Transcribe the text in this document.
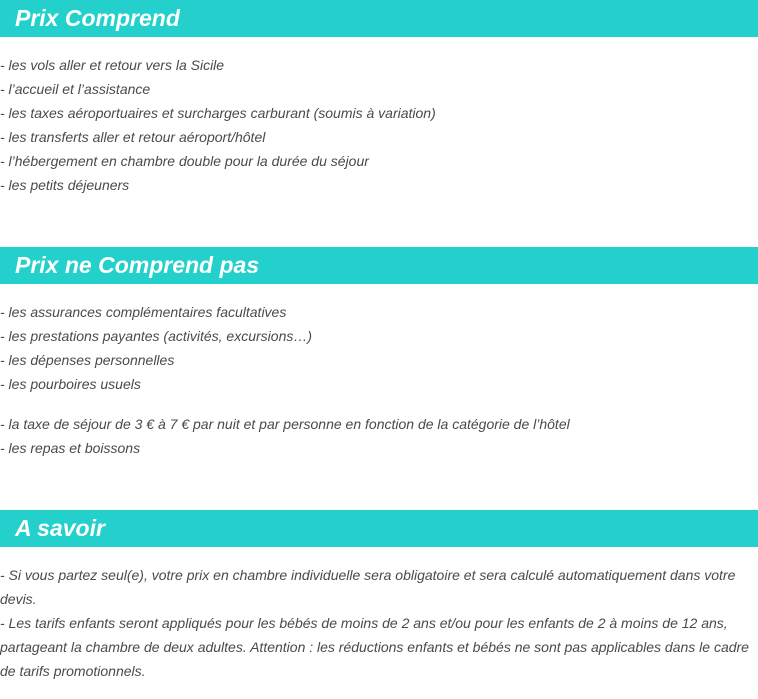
Prix Comprend
- les vols aller et retour vers la Sicile
- l’accueil et l’assistance
- les taxes aéroportuaires et surcharges carburant (soumis à variation)
- les transferts aller et retour aéroport/hôtel
- l’hébergement en chambre double pour la durée du séjour
- les petits déjeuners
Prix ne Comprend pas
- les assurances complémentaires facultatives
- les prestations payantes (activités, excursions…)
- les dépenses personnelles
- les pourboires usuels
- la taxe de séjour de 3 € à 7 € par nuit et par personne en fonction de la catégorie de l’hôtel
- les repas et boissons
A savoir

- Si vous partez seul(e), votre prix en chambre individuelle sera obligatoire et sera calculé automatiquement dans votre devis.

- Les tarifs enfants seront appliqués pour les bébés de moins de 2 ans et/ou pour les enfants de 2 à moins de 12 ans, partageant la chambre de deux adultes. Attention : les réductions enfants et bébés ne sont pas applicables dans le cadre de tarifs promotionnels.
